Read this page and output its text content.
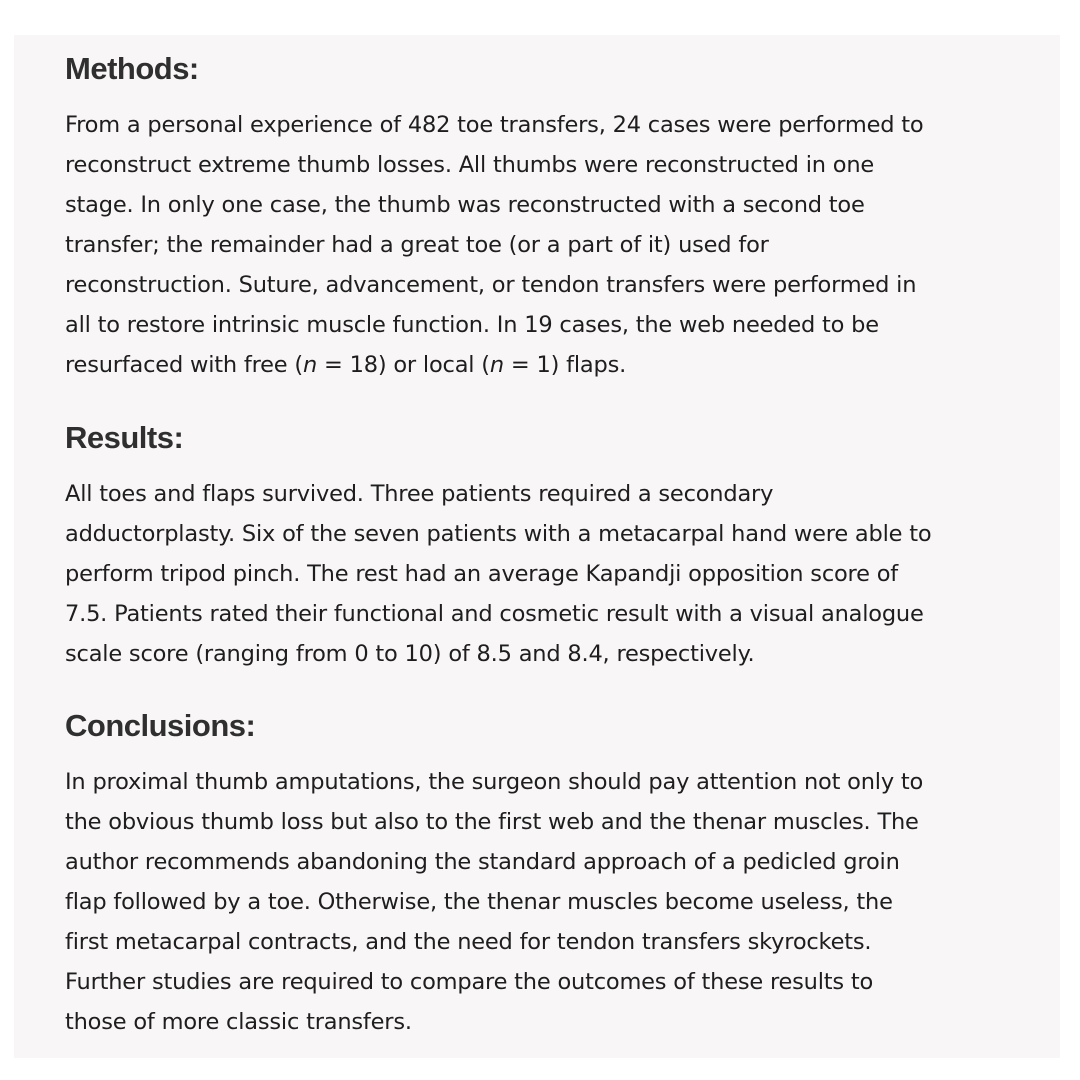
Methods:

From a personal experience of 482 toe transfers, 24 cases were performed to
reconstruct extreme thumb losses. All thumbs were reconstructed in one
stage. In only one case, the thumb was reconstructed with a second toe
transfer; the remainder had a great toe (or a part of it) used for
reconstruction. Suture, advancement, or tendon transfers were performed in
all to restore intrinsic muscle function. In 19 cases, the web needed to be
resurfaced with free (n = 18) or local (n = 1) flaps.

Results:

All toes and flaps survived. Three patients required a secondary
adductorplasty. Six of the seven patients with a metacarpal hand were able to
perform tripod pinch. The rest had an average Kapandji opposition score of
7.5. Patients rated their functional and cosmetic result with a visual analogue
scale score (ranging from 0 to 10) of 8.5 and 8.4, respectively.

Conclusions:

In proximal thumb amputations, the surgeon should pay attention not only to
the obvious thumb loss but also to the first web and the thenar muscles. The
author recommends abandoning the standard approach of a pedicled groin
flap followed by a toe. Otherwise, the thenar muscles become useless, the
first metacarpal contracts, and the need for tendon transfers skyrockets.
Further studies are required to compare the outcomes of these results to
those of more classic transfers.
